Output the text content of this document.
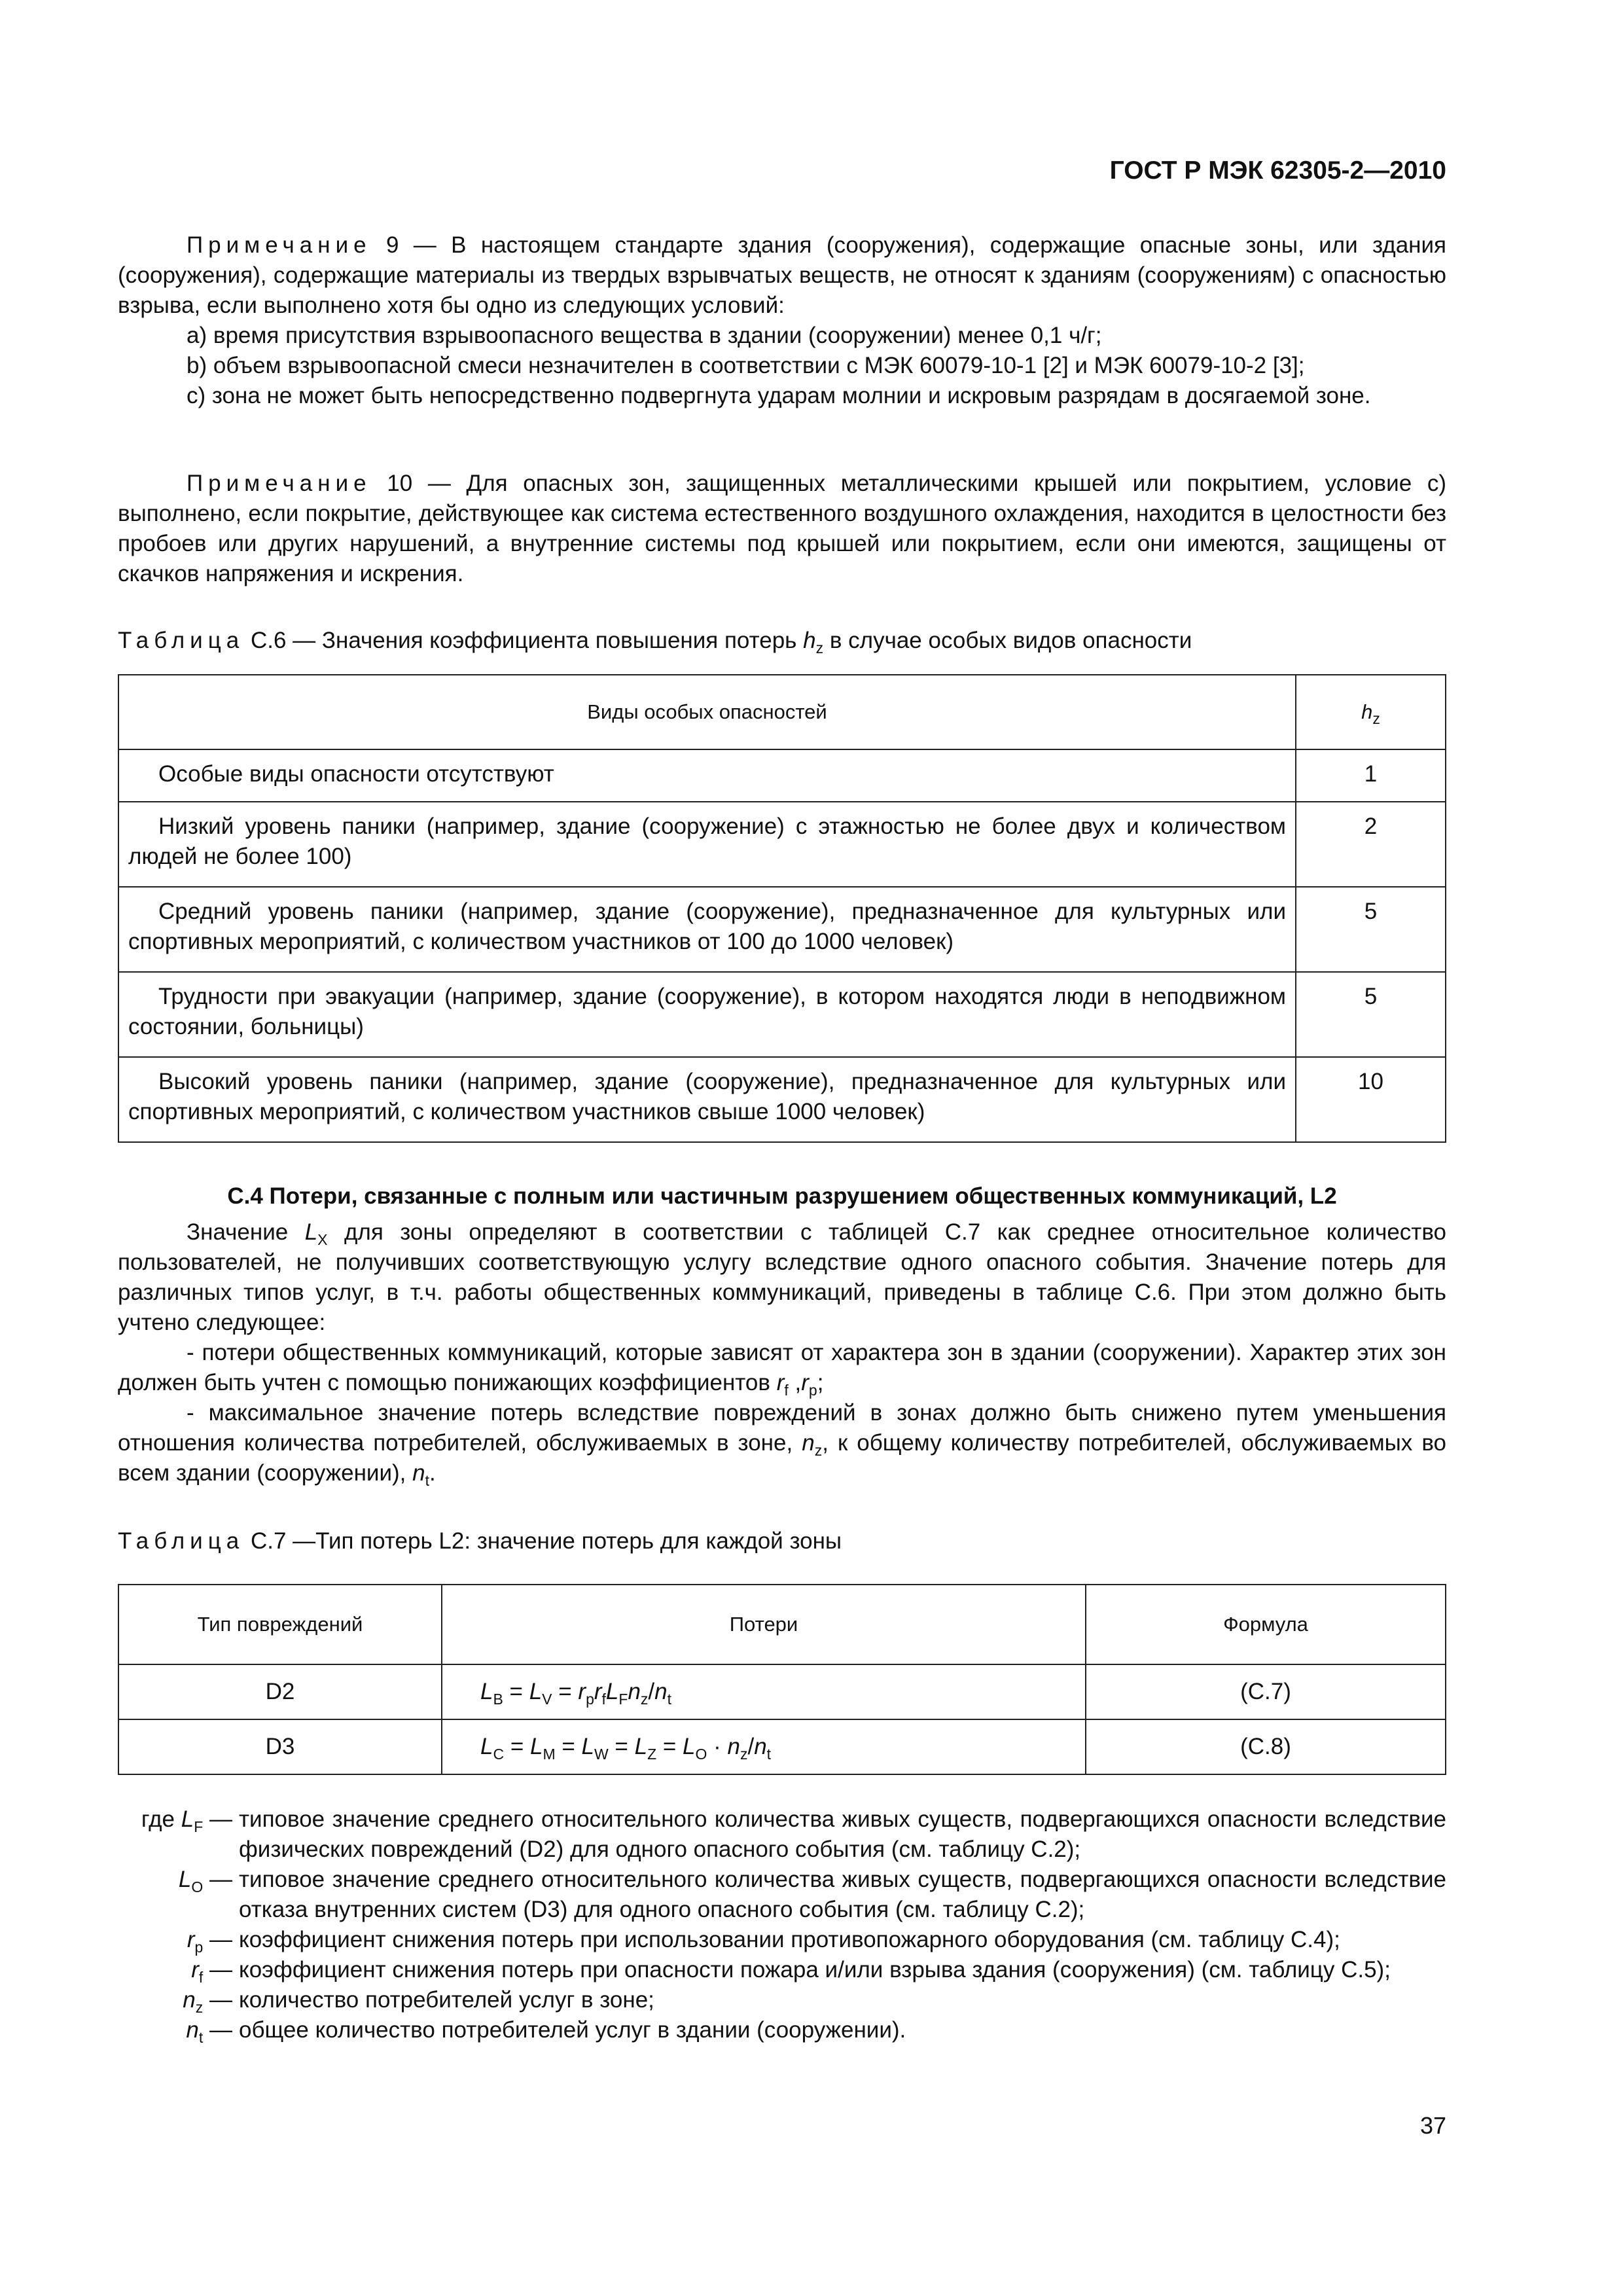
ГОСТ Р МЭК 62305-2—2010

Примечание 9 — В настоящем стандарте здания (сооружения), содержащие опасные зоны, или здания (сооружения), содержащие материалы из твердых взрывчатых веществ, не относят к зданиям (сооружениям) с опасностью взрыва, если выполнено хотя бы одно из следующих условий:

a) время присутствия взрывоопасного вещества в здании (сооружении) менее 0,1 ч/г;

b) объем взрывоопасной смеси незначителен в соответствии с МЭК 60079-10-1 [2] и МЭК 60079-10-2 [3];

c) зона не может быть непосредственно подвергнута ударам молнии и искровым разрядам в досягаемой зоне.

Примечание 10 — Для опасных зон, защищенных металлическими крышей или покрытием, условие c) выполнено, если покрытие, действующее как система естественного воздушного охлаждения, находится в целостности без пробоев или других нарушений, а внутренние системы под крышей или покрытием, если они имеются, защищены от скачков напряжения и искрения.

Таблица С.6 — Значения коэффициента повышения потерь $h_z$ в случае особых видов опасности
Виды особых опасностей	$h_z$
Особые виды опасности отсутствуют	1
Низкий уровень паники (например, здание (сооружение) с этажностью не более двух и количеством людей не более 100)	2
Средний уровень паники (например, здание (сооружение), предназначенное для культурных или спортивных мероприятий, с количеством участников от 100 до 1000 человек)	5
Трудности при эвакуации (например, здание (сооружение), в котором находятся люди в неподвижном состоянии, больницы)	5
Высокий уровень паники (например, здание (сооружение), предназначенное для культурных или спортивных мероприятий, с количеством участников свыше 1000 человек)	10
С.4 Потери, связанные с полным или частичным разрушением общественных коммуникаций, L2

Значение $L_X$ для зоны определяют в соответствии с таблицей С.7 как среднее относительное количество пользователей, не получивших соответствующую услугу вследствие одного опасного события. Значение потерь для различных типов услуг, в т.ч. работы общественных коммуникаций, приведены в таблице С.6. При этом должно быть учтено следующее:

- потери общественных коммуникаций, которые зависят от характера зон в здании (сооружении). Характер этих зон должен быть учтен с помощью понижающих коэффициентов $r_f$ $,r_p$;

- максимальное значение потерь вследствие повреждений в зонах должно быть снижено путем уменьшения отношения количества потребителей, обслуживаемых в зоне, $n_z$, к общему количеству потребителей, обслуживаемых во всем здании (сооружении), $n_t$.

Таблица С.7 —Тип потерь L2: значение потерь для каждой зоны
Тип повреждений	Потери	Формула
D2	$L_B = L_V = r_pr_fL_Fn_z/n_t$	(С.7)
D3	$L_C = L_M = L_W = L_Z = L_O \cdot n_z/n_t$	(С.8)
где $L_F$ — типовое значение среднего относительного количества живых существ, подвергающихся опасности вследствие физических повреждений (D2) для одного опасного события (см. таблицу С.2);
$L_O$ — типовое значение среднего относительного количества живых существ, подвергающихся опасности вследствие отказа внутренних систем (D3) для одного опасного события (см. таблицу С.2);
$r_p$ — коэффициент снижения потерь при использовании противопожарного оборудования (см. таблицу С.4);
$r_f$ — коэффициент снижения потерь при опасности пожара и/или взрыва здания (сооружения) (см. таблицу С.5);
$n_z$ — количество потребителей услуг в зоне;
$n_t$ — общее количество потребителей услуг в здании (сооружении).
37
